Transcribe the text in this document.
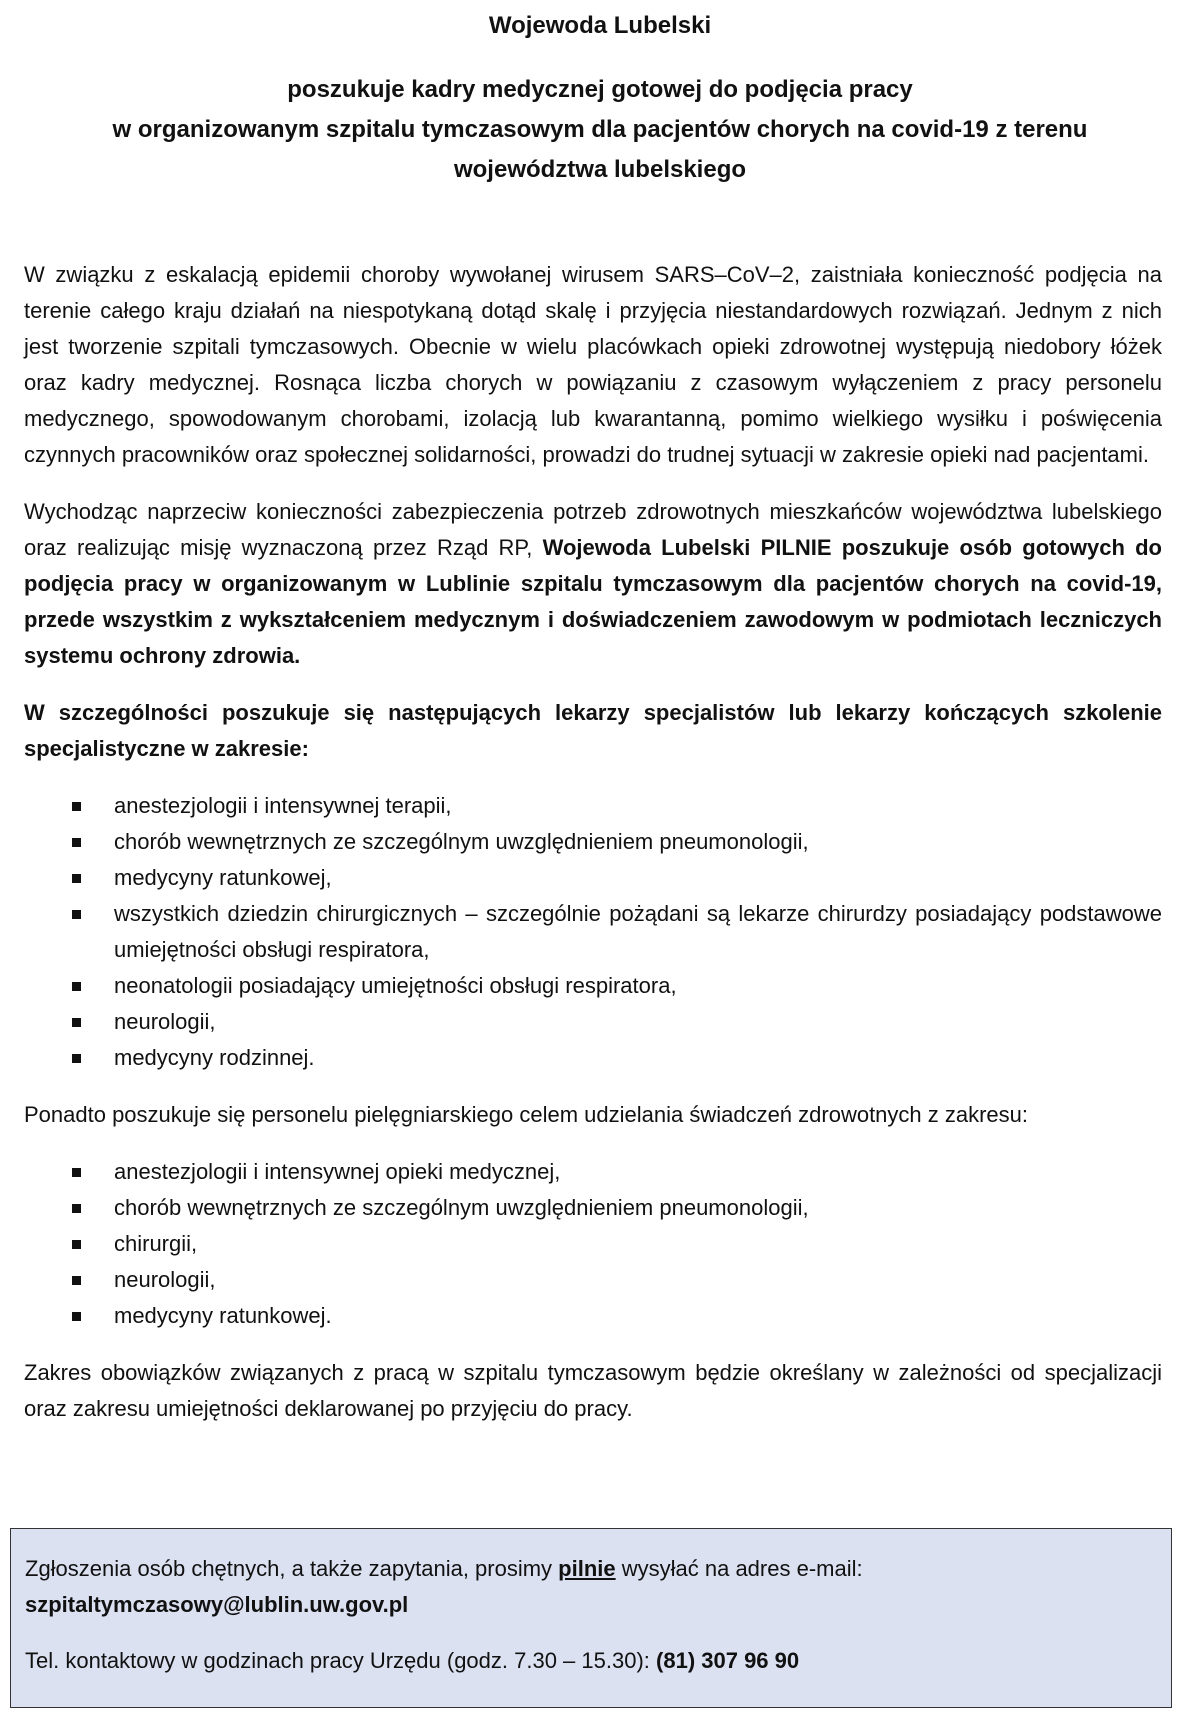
Wojewoda Lubelski
poszukuje kadry medycznej gotowej do podjęcia pracy
w organizowanym szpitalu tymczasowym dla pacjentów chorych na covid-19 z terenu
województwa lubelskiego

W związku z eskalacją epidemii choroby wywołanej wirusem SARS–CoV–2, zaistniała konieczność podjęcia na terenie całego kraju działań na niespotykaną dotąd skalę i przyjęcia niestandardowych rozwiązań. Jednym z nich jest tworzenie szpitali tymczasowych. Obecnie w wielu placówkach opieki zdrowotnej występują niedobory łóżek oraz kadry medycznej. Rosnąca liczba chorych w powiązaniu z czasowym wyłączeniem z pracy personelu medycznego, spowodowanym chorobami, izolacją lub kwarantanną, pomimo wielkiego wysiłku i poświęcenia czynnych pracowników oraz społecznej solidarności, prowadzi do trudnej sytuacji w zakresie opieki nad pacjentami.

Wychodząc naprzeciw konieczności zabezpieczenia potrzeb zdrowotnych mieszkańców województwa lubelskiego oraz realizując misję wyznaczoną przez Rząd RP, Wojewoda Lubelski PILNIE poszukuje osób gotowych do podjęcia pracy w organizowanym w Lublinie szpitalu tymczasowym dla pacjentów chorych na covid-19, przede wszystkim z wykształceniem medycznym i doświadczeniem zawodowym w podmiotach leczniczych systemu ochrony zdrowia.

W szczególności poszukuje się następujących lekarzy specjalistów lub lekarzy kończących szkolenie specjalistyczne w zakresie:

anestezjologii i intensywnej terapii,
chorób wewnętrznych ze szczególnym uwzględnieniem pneumonologii,
medycyny ratunkowej,
wszystkich dziedzin chirurgicznych – szczególnie pożądani są lekarze chirurdzy posiadający podstawowe umiejętności obsługi respiratora,
neonatologii posiadający umiejętności obsługi respiratora,
neurologii,
medycyny rodzinnej.

Ponadto poszukuje się personelu pielęgniarskiego celem udzielania świadczeń zdrowotnych z zakresu:

anestezjologii i intensywnej opieki medycznej,
chorób wewnętrznych ze szczególnym uwzględnieniem pneumonologii,
chirurgii,
neurologii,
medycyny ratunkowej.

Zakres obowiązków związanych z pracą w szpitalu tymczasowym będzie określany w zależności od specjalizacji oraz zakresu umiejętności deklarowanej po przyjęciu do pracy.

Zgłoszenia osób chętnych, a także zapytania, prosimy pilnie wysyłać na adres e-mail:
szpitaltymczasowy@lublin.uw.gov.pl

Tel. kontaktowy w godzinach pracy Urzędu (godz. 7.30 – 15.30): (81) 307 96 90
